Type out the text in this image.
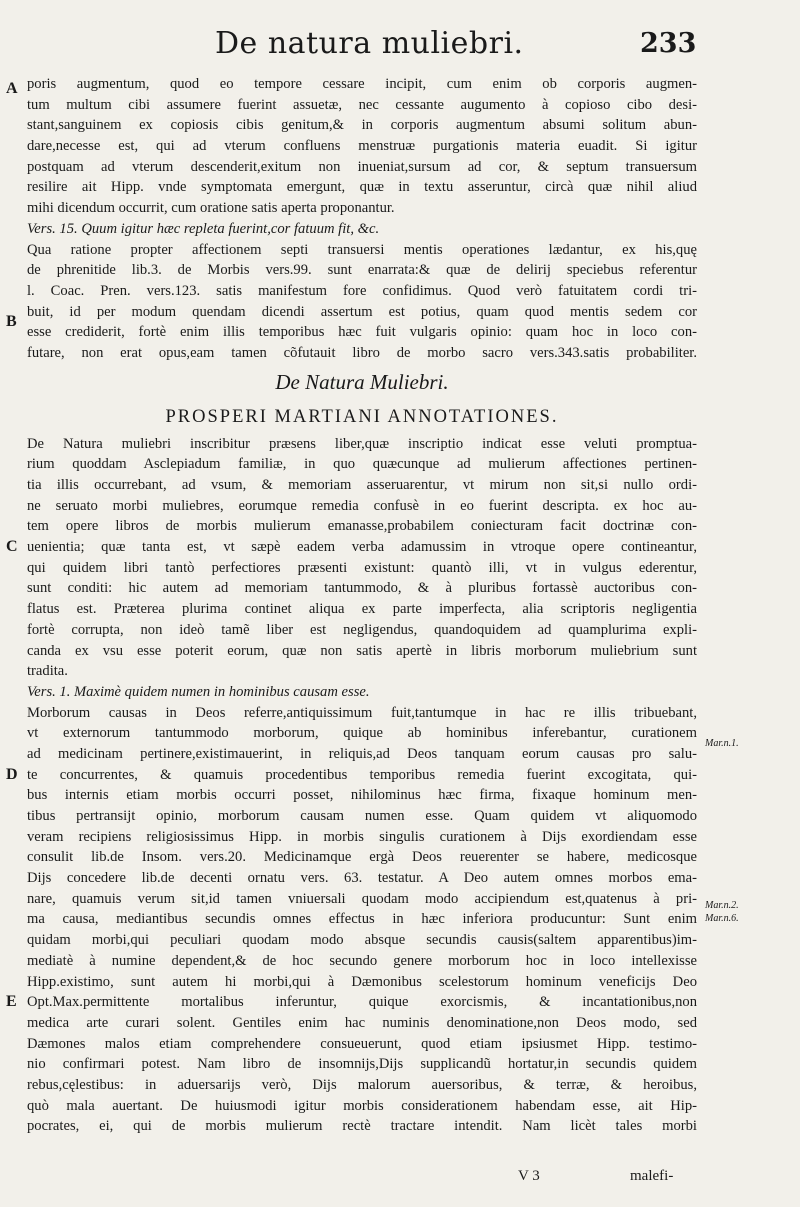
De natura muliebri.	233
A
B
C
D
E
Mar.n.1.
Mar.n.2.
Mar.n.6.
poris augmentum, quod eo tempore cessare incipit, cum enim ob corporis augmen-
tum multum cibi assumere fuerint assuetæ, nec cessante augumento à copioso cibo desi-
stant,sanguinem ex copiosis cibis genitum,& in corporis augmentum absumi solitum abun-
dare,necesse est, qui ad vterum confluens menstruæ purgationis materia euadit. Si igitur
postquam ad vterum descenderit,exitum non inueniat,sursum ad cor, & septum transuersum
resilire ait Hipp. vnde symptomata emergunt, quæ in textu asseruntur, circà quæ nihil aliud
mihi dicendum occurrit, cum oratione satis aperta proponantur.
Vers. 15. Quum igitur hæc repleta fuerint,cor fatuum fit, &c.
Qua ratione propter affectionem septi transuersi mentis operationes lædantur, ex his,quę
de phrenitide lib.3. de Morbis vers.99. sunt enarrata:& quæ de delirij speciebus referentur
l. Coac. Pren. vers.123. satis manifestum fore confidimus. Quod verò fatuitatem cordi tri-
buit, id per modum quendam dicendi assertum est potius, quam quod mentis sedem cor
esse crediderit, fortè enim illis temporibus hæc fuit vulgaris opinio: quam hoc in loco con-
futare, non erat opus,eam tamen cõfutauit libro de morbo sacro vers.343.satis probabiliter.
De Natura Muliebri.
PROSPERI MARTIANI ANNOTATIONES.
De Natura muliebri inscribitur præsens liber,quæ inscriptio indicat esse veluti promptua-
rium quoddam Asclepiadum familiæ, in quo quæcunque ad mulierum affectiones pertinen-
tia illis occurrebant, ad vsum, & memoriam asseruarentur, vt mirum non sit,si nullo ordi-
ne seruato morbi muliebres, eorumque remedia confusè in eo fuerint descripta. ex hoc au-
tem opere libros de morbis mulierum emanasse,probabilem coniecturam facit doctrinæ con-
uenientia; quæ tanta est, vt sæpè eadem verba adamussim in vtroque opere contineantur,
qui quidem libri tantò perfectiores præsenti existunt: quantò illi, vt in vulgus ederentur,
sunt conditi: hic autem ad memoriam tantummodo, & à pluribus fortassè auctoribus con-
flatus est. Præterea plurima continet aliqua ex parte imperfecta, alia scriptoris negligentia
fortè corrupta, non ideò tamẽ liber est negligendus, quandoquidem ad quamplurima expli-
canda ex vsu esse poterit eorum, quæ non satis apertè in libris morborum muliebrium sunt
tradita.
Vers. 1. Maximè quidem numen in hominibus causam esse.
Morborum causas in Deos referre,antiquissimum fuit,tantumque in hac re illis tribuebant,
vt externorum tantummodo morborum, quique ab hominibus inferebantur, curationem
ad medicinam pertinere,existimauerint, in reliquis,ad Deos tanquam eorum causas pro salu-
te concurrentes, & quamuis procedentibus temporibus remedia fuerint excogitata, qui-
bus internis etiam morbis occurri posset, nihilominus hæc firma, fixaque hominum men-
tibus pertransijt opinio, morborum causam numen esse. Quam quidem vt aliquomodo
veram recipiens religiosissimus Hipp. in morbis singulis curationem à Dijs exordiendam esse
consulit lib.de Insom. vers.20. Medicinamque ergà Deos reuerenter se habere, medicosque
Dijs concedere lib.de decenti ornatu vers. 63. testatur. A Deo autem omnes morbos ema-
nare, quamuis verum sit,id tamen vniuersali quodam modo accipiendum est,quatenus à pri-
ma causa, mediantibus secundis omnes effectus in hæc inferiora producuntur: Sunt enim
quidam morbi,qui peculiari quodam modo absque secundis causis(saltem apparentibus)im-
mediatè à numine dependent,& de hoc secundo genere morborum hoc in loco intellexisse
Hipp.existimo, sunt autem hi morbi,qui à Dæmonibus scelestorum hominum veneficijs Deo
Opt.Max.permittente mortalibus inferuntur, quique exorcismis, & incantationibus,non
medica arte curari solent. Gentiles enim hac numinis denominatione,non Deos modo, sed
Dæmones malos etiam comprehendere consueuerunt, quod etiam ipsiusmet Hipp. testimo-
nio confirmari potest. Nam libro de insomnijs,Dijs supplicandũ hortatur,in secundis quidem
rebus,cęlestibus: in aduersarijs verò, Dijs malorum auersoribus, & terræ, & heroibus,
quò mala auertant. De huiusmodi igitur morbis considerationem habendam esse, ait Hip-
pocrates, ei, qui de morbis mulierum rectè tractare intendit. Nam licèt tales morbi
V 3	malefi-
